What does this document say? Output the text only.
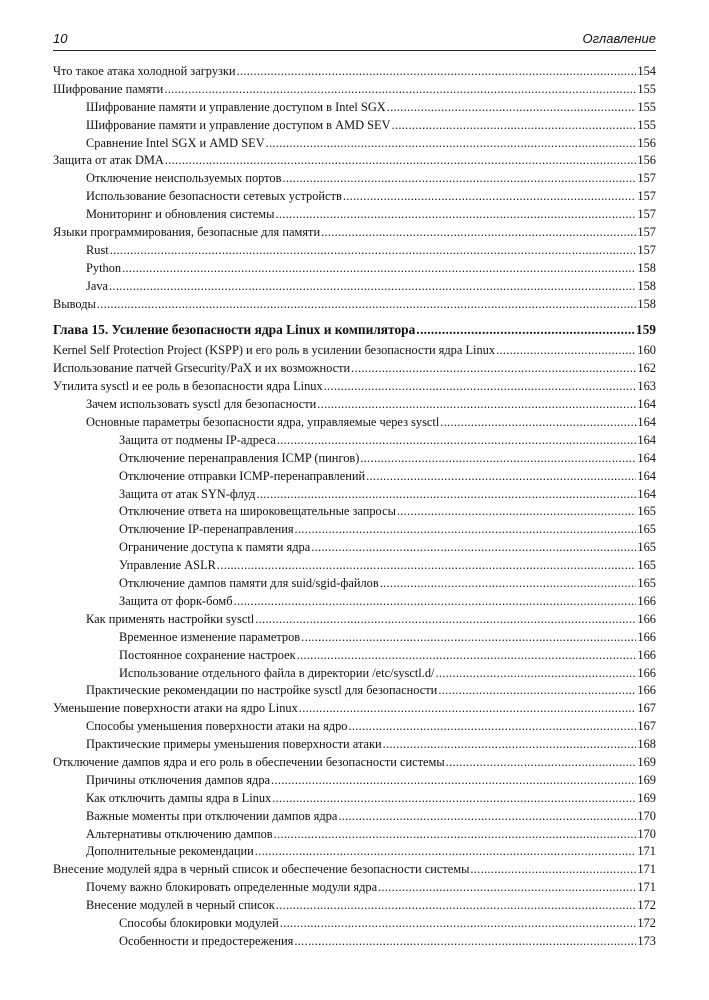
10	Оглавление
Что такое атака холодной загрузки .....	154
Шифрование памяти .....	155
Шифрование памяти и управление доступом в Intel SGX .....	155
Шифрование памяти и управление доступом в AMD SEV .....	155
Сравнение Intel SGX и AMD SEV .....	156
Защита от атак DMA .....	156
Отключение неиспользуемых портов .....	157
Использование безопасности сетевых устройств .....	157
Мониторинг и обновления системы .....	157
Языки программирования, безопасные для памяти .....	157
Rust .....	157
Python .....	158
Java .....	158
Выводы .....	158
Глава 15. Усиление безопасности ядра Linux и компилятора .....	159
Kernel Self Protection Project (KSPP) и его роль в усилении безопасности ядра Linux .....	160
Использование патчей Grsecurity/PaX и их возможности .....	162
Утилита sysctl и ее роль в безопасности ядра Linux .....	163
Зачем использовать sysctl для безопасности .....	164
Основные параметры безопасности ядра, управляемые через sysctl .....	164
Защита от подмены IP-адреса .....	164
Отключение перенаправления ICMP (пингов) .....	164
Отключение отправки ICMP-перенаправлений .....	164
Защита от атак SYN-флуд .....	164
Отключение ответа на широковещательные запросы .....	165
Отключение IP-перенаправления .....	165
Ограничение доступа к памяти ядра .....	165
Управление ASLR .....	165
Отключение дампов памяти для suid/sgid-файлов .....	165
Защита от форк-бомб .....	166
Как применять настройки sysctl .....	166
Временное изменение параметров .....	166
Постоянное сохранение настроек .....	166
Использование отдельного файла в директории /etc/sysctl.d/ .....	166
Практические рекомендации по настройке sysctl для безопасности .....	166
Уменьшение поверхности атаки на ядро Linux .....	167
Способы уменьшения поверхности атаки на ядро .....	167
Практические примеры уменьшения поверхности атаки .....	168
Отключение дампов ядра и его роль в обеспечении безопасности системы .....	169
Причины отключения дампов ядра .....	169
Как отключить дампы ядра в Linux .....	169
Важные моменты при отключении дампов ядра .....	170
Альтернативы отключению дампов .....	170
Дополнительные рекомендации .....	171
Внесение модулей ядра в черный список и обеспечение безопасности системы .....	171
Почему важно блокировать определенные модули ядра .....	171
Внесение модулей в черный список .....	172
Способы блокировки модулей .....	172
Особенности и предостережения .....	173
